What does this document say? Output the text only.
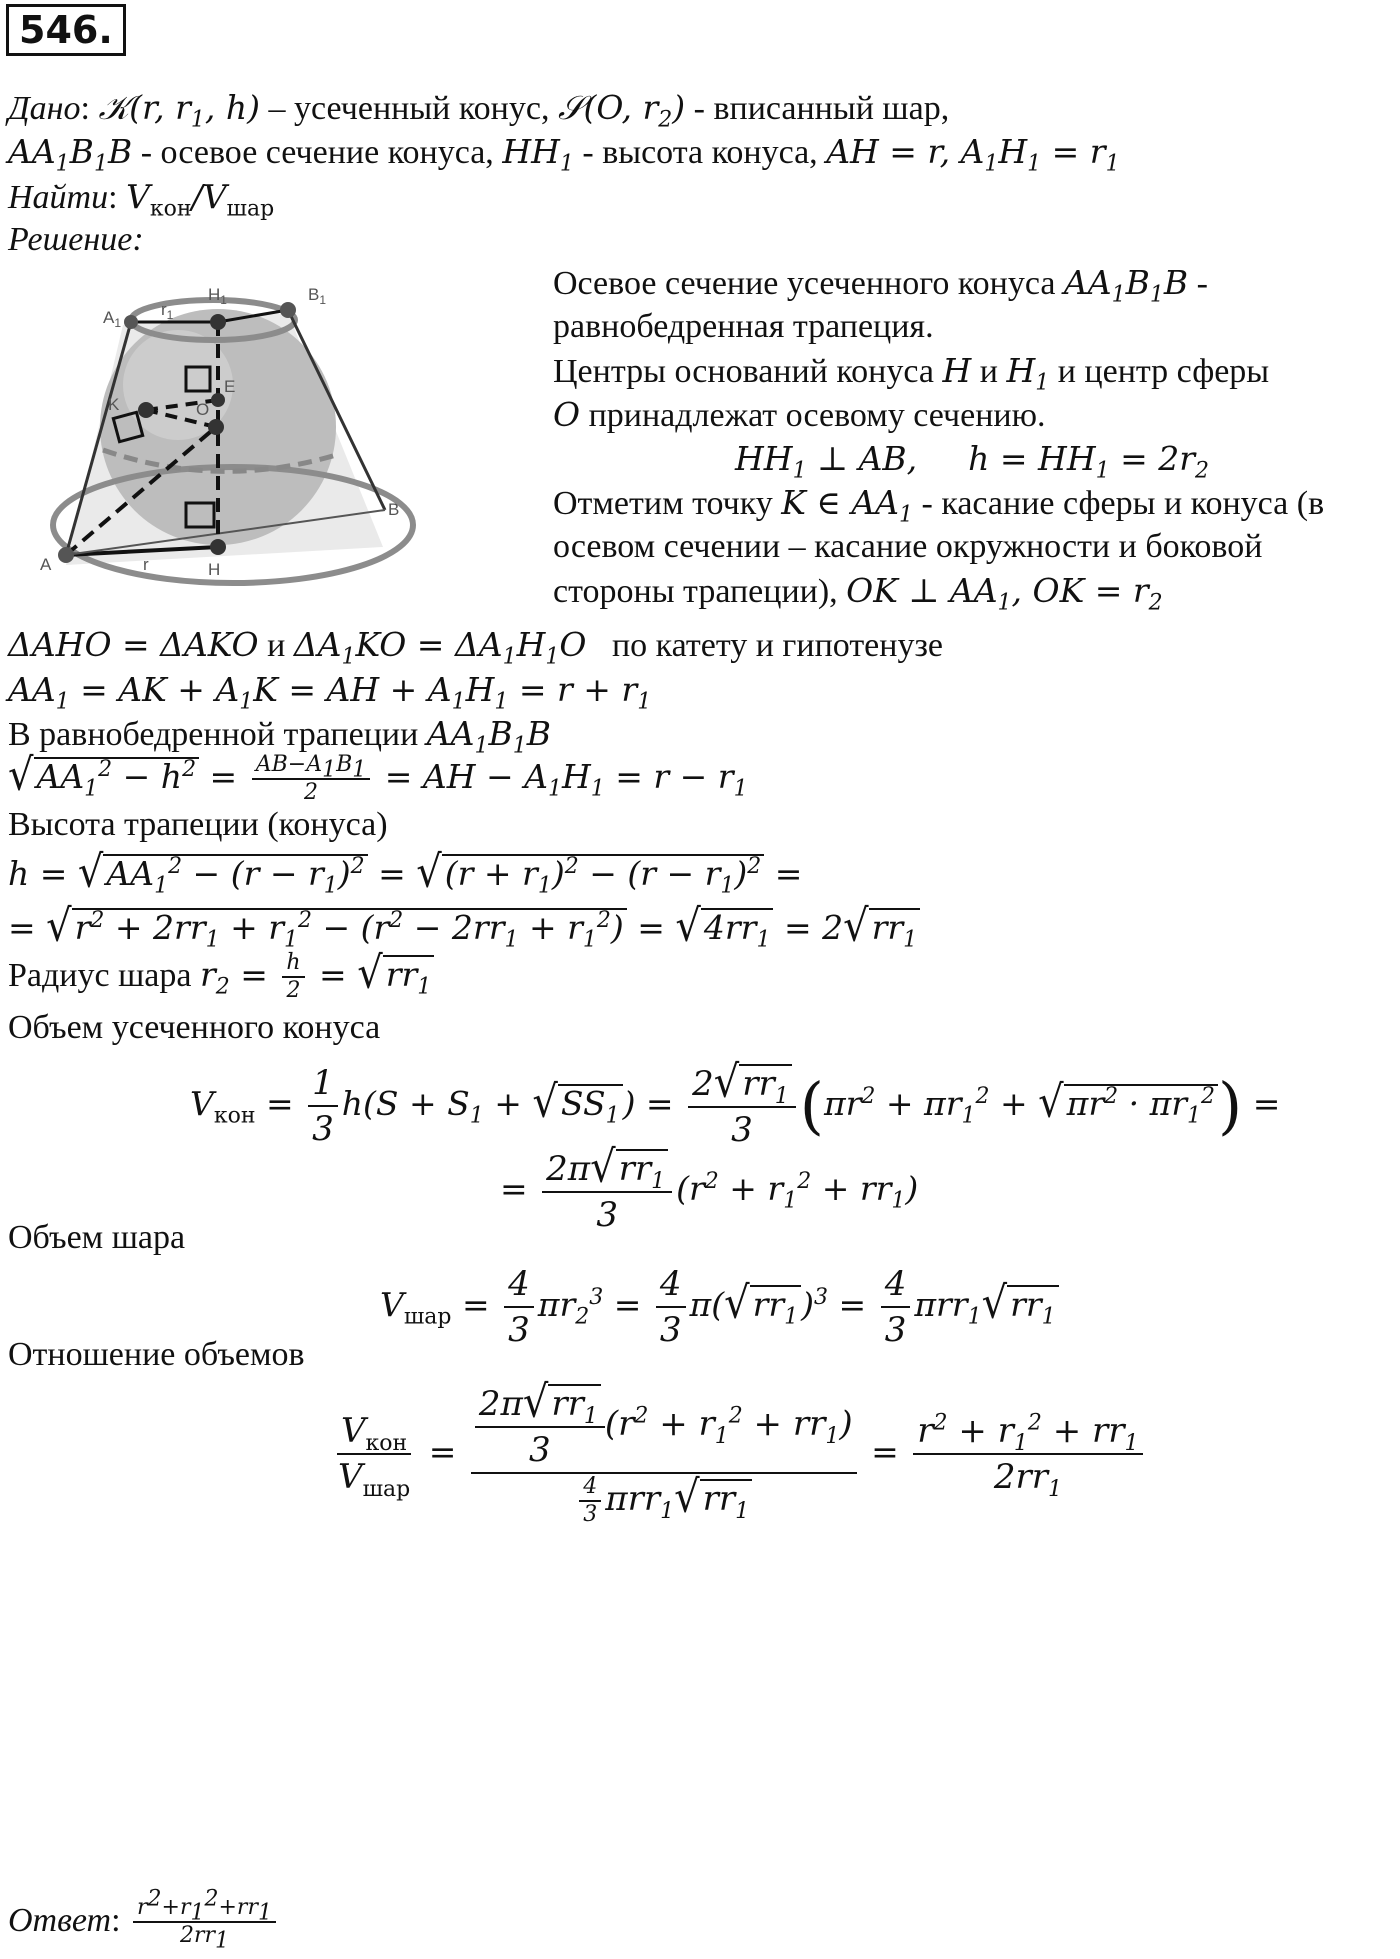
546.
Дано: 𝒦(r, $r_1$, h) – усеченный конус, 𝒮(O, $r_2$) - вписанный шар,
$AA_1B_1B$ - осевое сечение конуса, $HH_1$ - высота конуса, AH = r, $A_1H_1 = r_1$
Найти: $V_{кон}/V_{шар}$
Решение:
$A_1$
$r_1$
$H_1$	$B_1$
K
E
O
B
A	r	H
Осевое сечение усеченного конуса $AA_1B_1B$ -
равнобедренная трапеция.
Центры оснований конуса H и $H_1$ и центр сферы
O принадлежат осевому сечению.
$HH_1$ ⊥ AB, $h = HH_1 = 2r_2$
Отметим точку K ∈ $AA_1$ - касание сферы и конуса (в
осевом сечении – касание окружности и боковой
стороны трапеции), OK ⊥ $AA_1$, OK = $r_2$
ΔAHO = ΔAKO и $\Delta A_1KO = \Delta A_1H_1O$ по катету и гипотенузе
$AA_1$ = AK + $A_1K$ = AH + $A_1H_1 = r + r_1$
В равнобедренной трапеции $AA_1B_1B$
$√AA_1^2 - h^2 = \frac{AB-A_1B_1}{2}$ = AH − $A_1H_1 = r - r_1$
Высота трапеции (конуса)
$h = √AA_1^2 - (r - r_1)^2 = √(r + r_1)^2 - (r - r_1)^2$ =
= $√r^2 + 2rr_1 + r_1^2 - (r^2 - 2rr_1 + r_1^2) = √4rr_1 = 2√rr_1$
Радиус шара $r_2 = \frac{h}{2} = √rr_1$
Объем усеченного конуса
$V_{кон} = \frac{1}{3} h(S + S_1 + √SS_1) = \frac{2√rr_1}{3} (\pi r^2 + \pi r_1^2 + √\pi r^2 \cdot \pi r_1^2)$ =
= $\frac{2\pi√rr_1}{3} (r^2 + r_1^2 + rr_1)$
Объем шара
$V_{шар} = \frac{4}{3} \pi r_2^3 = \frac{4}{3} \pi(√rr_1)^3 = \frac{4}{3} \pi rr_1√rr_1$
Отношение объемов
$\frac{V_{кон}}{V_{шар}} = \frac{\frac{2\pi√rr_1}{3} (r^2 + r_1^2 + rr_1)}{\frac{4}{3} \pi rr_1√rr_1} = \frac{r^2 + r_1^2 + rr_1}{2rr_1}$
Ответ: $\frac{r^2+r_1^2+rr_1}{2rr_1}$
